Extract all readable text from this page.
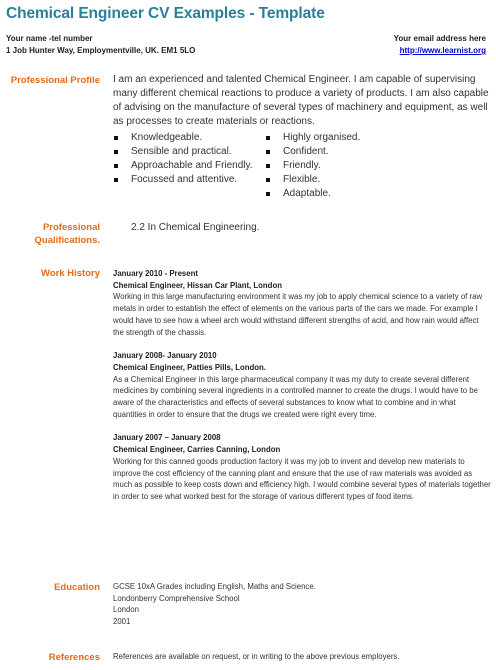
Chemical Engineer CV Examples - Template
Your name -tel number
1 Job Hunter Way, Employmentville, UK. EM1 5LO
Your email address here
http://www.learnist.org
Professional Profile I am an experienced and talented Chemical Engineer. I am capable of supervising many different chemical reactions to produce a variety of products. I am also capable of advising on the manufacture of several types of machinery and equipment, as well as processes to create materials or reactions.
Knowledgeable.
Sensible and practical.
Approachable and Friendly.
Focussed and attentive.
Highly organised.
Confident.
Friendly.
Flexible.
Adaptable.
Professional
Qualifications.
2.2 In Chemical Engineering.
Work History January 2010 - Present
Chemical Engineer, Hissan Car Plant, London
Working in this large manufacturing environment it was my job to apply chemical science to a variety of raw metals in order to establish the effect of elements on the various parts of the cars we made. For example I would have to see how a wheel arch would withstand different strengths of acid, and how rain would affect the strength of the chassis.
January 2008- January 2010
Chemical Engineer, Patties Pills, London.
As a Chemical Engineer in this large pharmaceutical company it was my duty to create several different medicines by combining several ingredients in a controlled manner to create the drugs. I would have to be aware of the characteristics and effects of several substances to know what to combine and in what quantities in order to ensure that the drugs we created were right every time.
January 2007 – January 2008
Chemical Engineer, Carries Canning, London
Working for this canned goods production factory it was my job to invent and develop new materials to improve the cost efficiency of the canning plant and ensure that the use of raw materials was avoided as much as possible to keep costs down and efficiency high. I would combine several types of materials together in order to see what worked best for the storage of various different types of food items.
Education GCSE 10xA Grades including English, Maths and Science.
Londonberry Comprehensive School
London
2001
References References are available on request, or in writing to the above previous employers.
